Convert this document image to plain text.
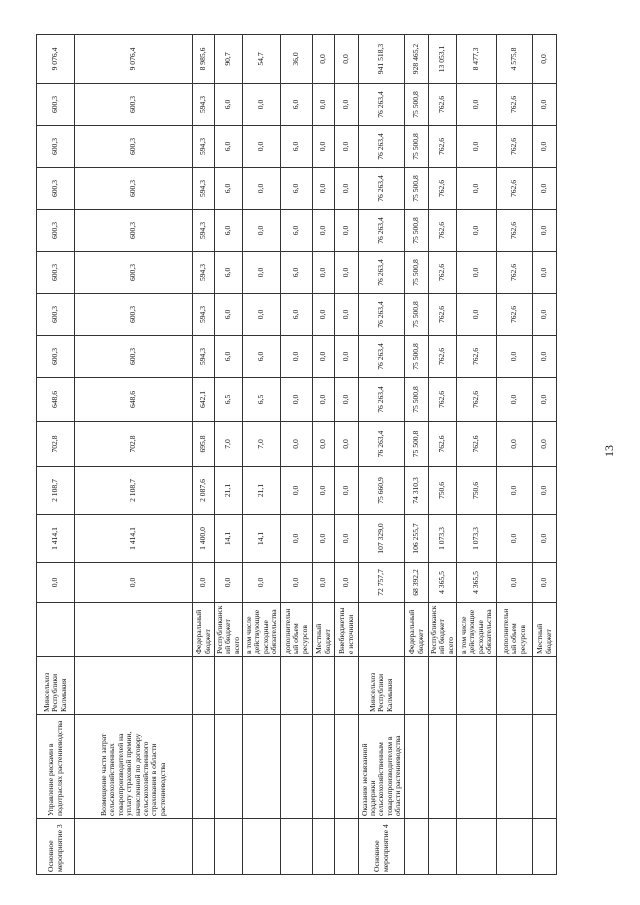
Основное мероприятие 3	Управление рисками в подотраслях растениеводства	Минсельхоз Республики Калмыкия		0,0	1 414,1	2 108,7	702,8	648,6	600,3	600,3	600,3	600,3	600,3	600,3	600,3	9 076,4
	Возмещение части затрат сельскохозяйственных товаропроизводителей на уплату страховой премии, начисленной по договору сельскохозяйственного страхования в области растениеводства			0,0	1 414,1	2 108,7	702,8	648,6	600,3	600,3	600,3	600,3	600,3	600,3	600,3	9 076,4
			Федеральный бюджет	0,0	1 400,0	2 087,6	695,8	642,1	594,3	594,3	594,3	594,3	594,3	594,3	594,3	8 985,6
			Республиканский бюджет всего	0,0	14,1	21,1	7,0	6,5	6,0	6,0	6,0	6,0	6,0	6,0	6,0	90,7
			в том числе действующие расходные обязательства	0,0	14,1	21,1	7,0	6,5	6,0	0,0	0,0	0,0	0,0	0,0	0,0	54,7
			дополнительный объем ресурсов	0,0	0,0	0,0	0,0	0,0	0,0	6,0	6,0	6,0	6,0	6,0	6,0	36,0
			Местный бюджет	0,0	0,0	0,0	0,0	0,0	0,0	0,0	0,0	0,0	0,0	0,0	0,0	0,0
			Внебюджетные источники	0,0	0,0	0,0	0,0	0,0	0,0	0,0	0,0	0,0	0,0	0,0	0,0	0,0
Основное мероприятие 4	Оказание несвязанной поддержки сельскохозяйственным товаропроизводителям в области растениеводства	Минсельхоз Республики Калмыкия		72 757,7	107 329,0	75 660,9	76 263,4	76 263,4	76 263,4	76 263,4	76 263,4	76 263,4	76 263,4	76 263,4	76 263,4	941 518,3
			Федеральный бюджет	68 392,2	106 255,7	74 310,3	75 500,8	75 500,8	75 500,8	75 500,8	75 500,8	75 500,8	75 500,8	75 500,8	75 500,8	928 465,2
			Республиканский бюджет всего	4 365,5	1 073,3	750,6	762,6	762,6	762,6	762,6	762,6	762,6	762,6	762,6	762,6	13 053,1
			в том числе действующие расходные обязательства	4 365,5	1 073,3	750,6	762,6	762,6	762,6	0,0	0,0	0,0	0,0	0,0	0,0	8 477,3
			дополнительный объем ресурсов	0,0	0,0	0,0	0,0	0,0	0,0	762,6	762,6	762,6	762,6	762,6	762,6	4 575,8
			Местный бюджет	0,0	0,0	0,0	0,0	0,0	0,0	0,0	0,0	0,0	0,0	0,0	0,0	0,0
13
